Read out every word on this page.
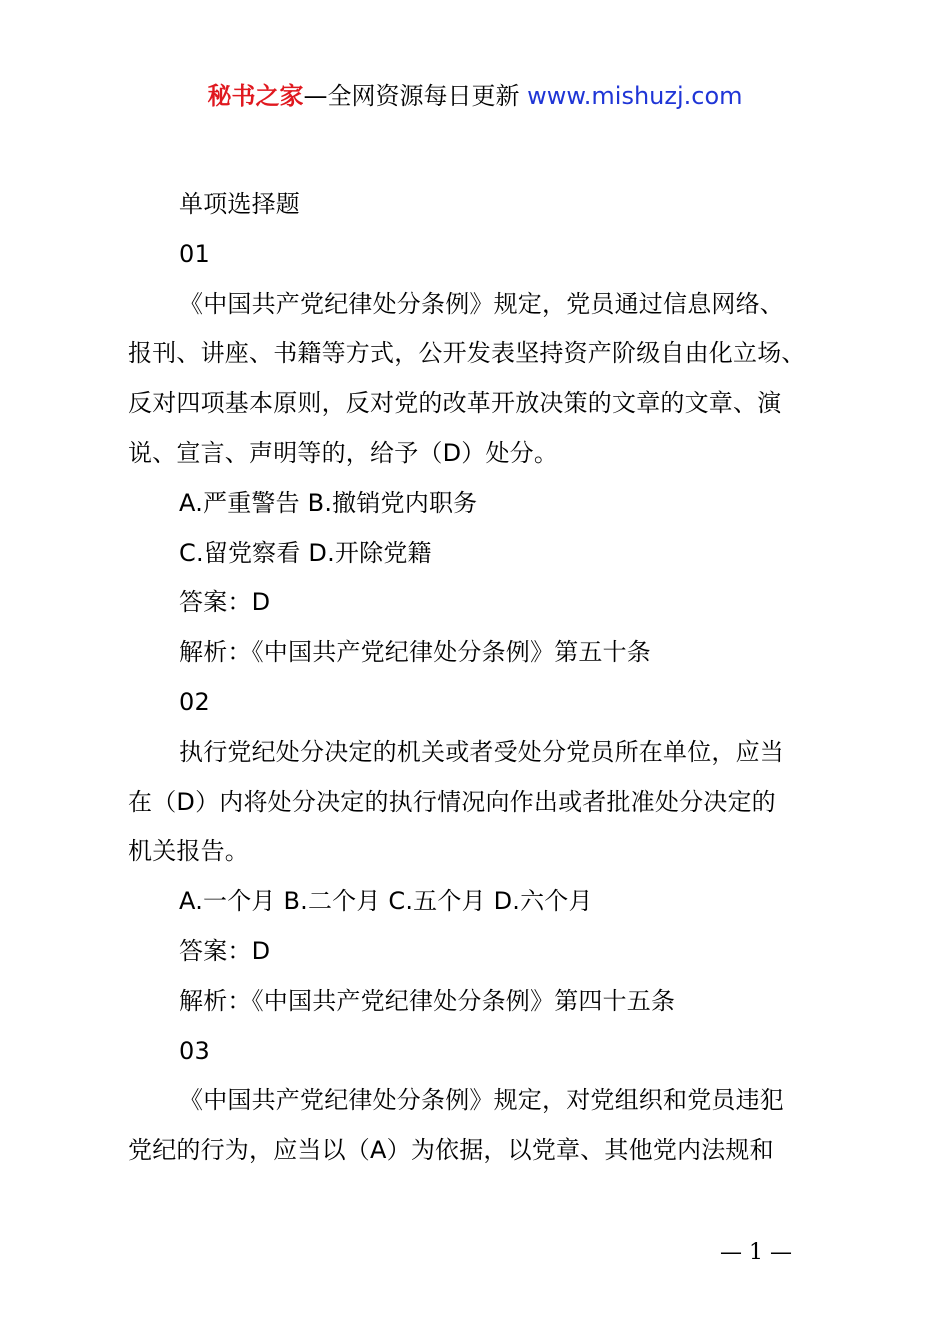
秘书之家—全网资源每日更新 www.mishuzj.com
单项选择题
01
《中国共产党纪律处分条例》规定，党员通过信息网络、
报刊、讲座、书籍等方式，公开发表坚持资产阶级自由化立场、
反对四项基本原则，反对党的改革开放决策的文章的文章、演
说、宣言、声明等的，给予（D）处分。
A.严重警告 B.撤销党内职务
C.留党察看 D.开除党籍
答案：D
解析：《中国共产党纪律处分条例》第五十条
02
执行党纪处分决定的机关或者受处分党员所在单位，应当
在（D）内将处分决定的执行情况向作出或者批准处分决定的
机关报告。
A.一个月 B.二个月 C.五个月 D.六个月
答案：D
解析：《中国共产党纪律处分条例》第四十五条
03
《中国共产党纪律处分条例》规定，对党组织和党员违犯
党纪的行为，应当以（A）为依据，以党章、其他党内法规和
— 1 —
